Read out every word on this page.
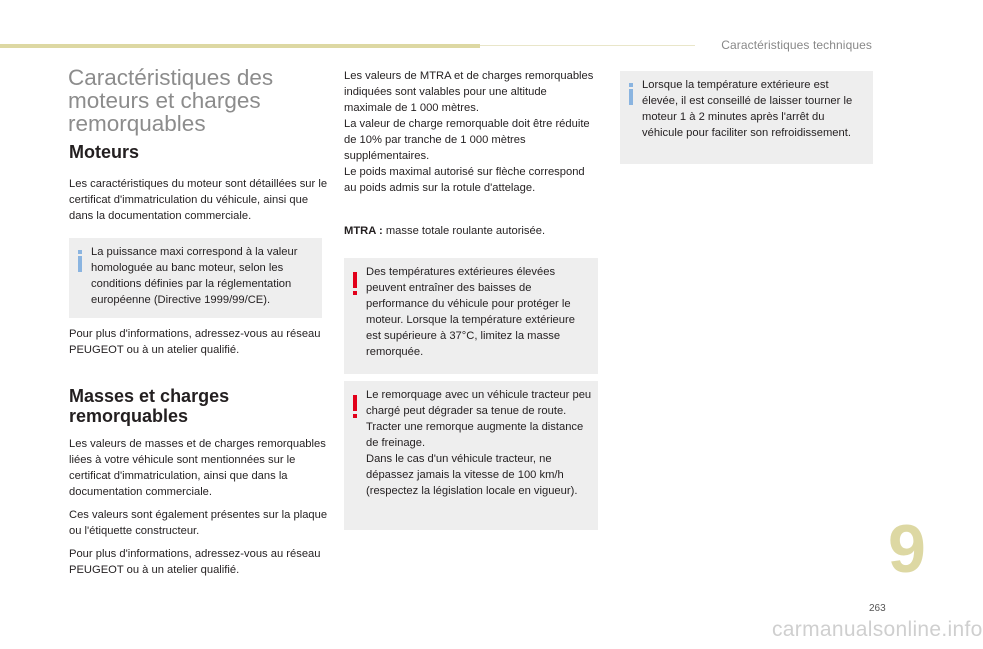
Caractéristiques techniques
Caractéristiques des moteurs et charges remorquables
Moteurs

Les caractéristiques du moteur sont détaillées sur le certificat d'immatriculation du véhicule, ainsi que dans la documentation commerciale.

La puissance maxi correspond à la valeur homologuée au banc moteur, selon les conditions définies par la réglementation européenne (Directive 1999/99/CE).

Pour plus d'informations, adressez-vous au réseau PEUGEOT ou à un atelier qualifié.

Masses et charges remorquables

Les valeurs de masses et de charges remorquables liées à votre véhicule sont mentionnées sur le certificat d'immatriculation, ainsi que dans la documentation commerciale.

Ces valeurs sont également présentes sur la plaque ou l'étiquette constructeur.

Pour plus d'informations, adressez-vous au réseau PEUGEOT ou à un atelier qualifié.

Les valeurs de MTRA et de charges remorquables indiquées sont valables pour une altitude maximale de 1 000 mètres.

La valeur de charge remorquable doit être réduite de 10% par tranche de 1 000 mètres supplémentaires.

Le poids maximal autorisé sur flèche correspond au poids admis sur la rotule d'attelage.

MTRA : masse totale roulante autorisée.

Des températures extérieures élevées peuvent entraîner des baisses de performance du véhicule pour protéger le moteur. Lorsque la température extérieure est supérieure à 37°C, limitez la masse remorquée.
Le remorquage avec un véhicule tracteur peu chargé peut dégrader sa tenue de route.
Tracter une remorque augmente la distance de freinage.
Dans le cas d'un véhicule tracteur, ne dépassez jamais la vitesse de 100 km/h (respectez la législation locale en vigueur).
Lorsque la température extérieure est élevée, il est conseillé de laisser tourner le moteur 1 à 2 minutes après l'arrêt du véhicule pour faciliter son refroidissement.
9
263
carmanualsonline.info
